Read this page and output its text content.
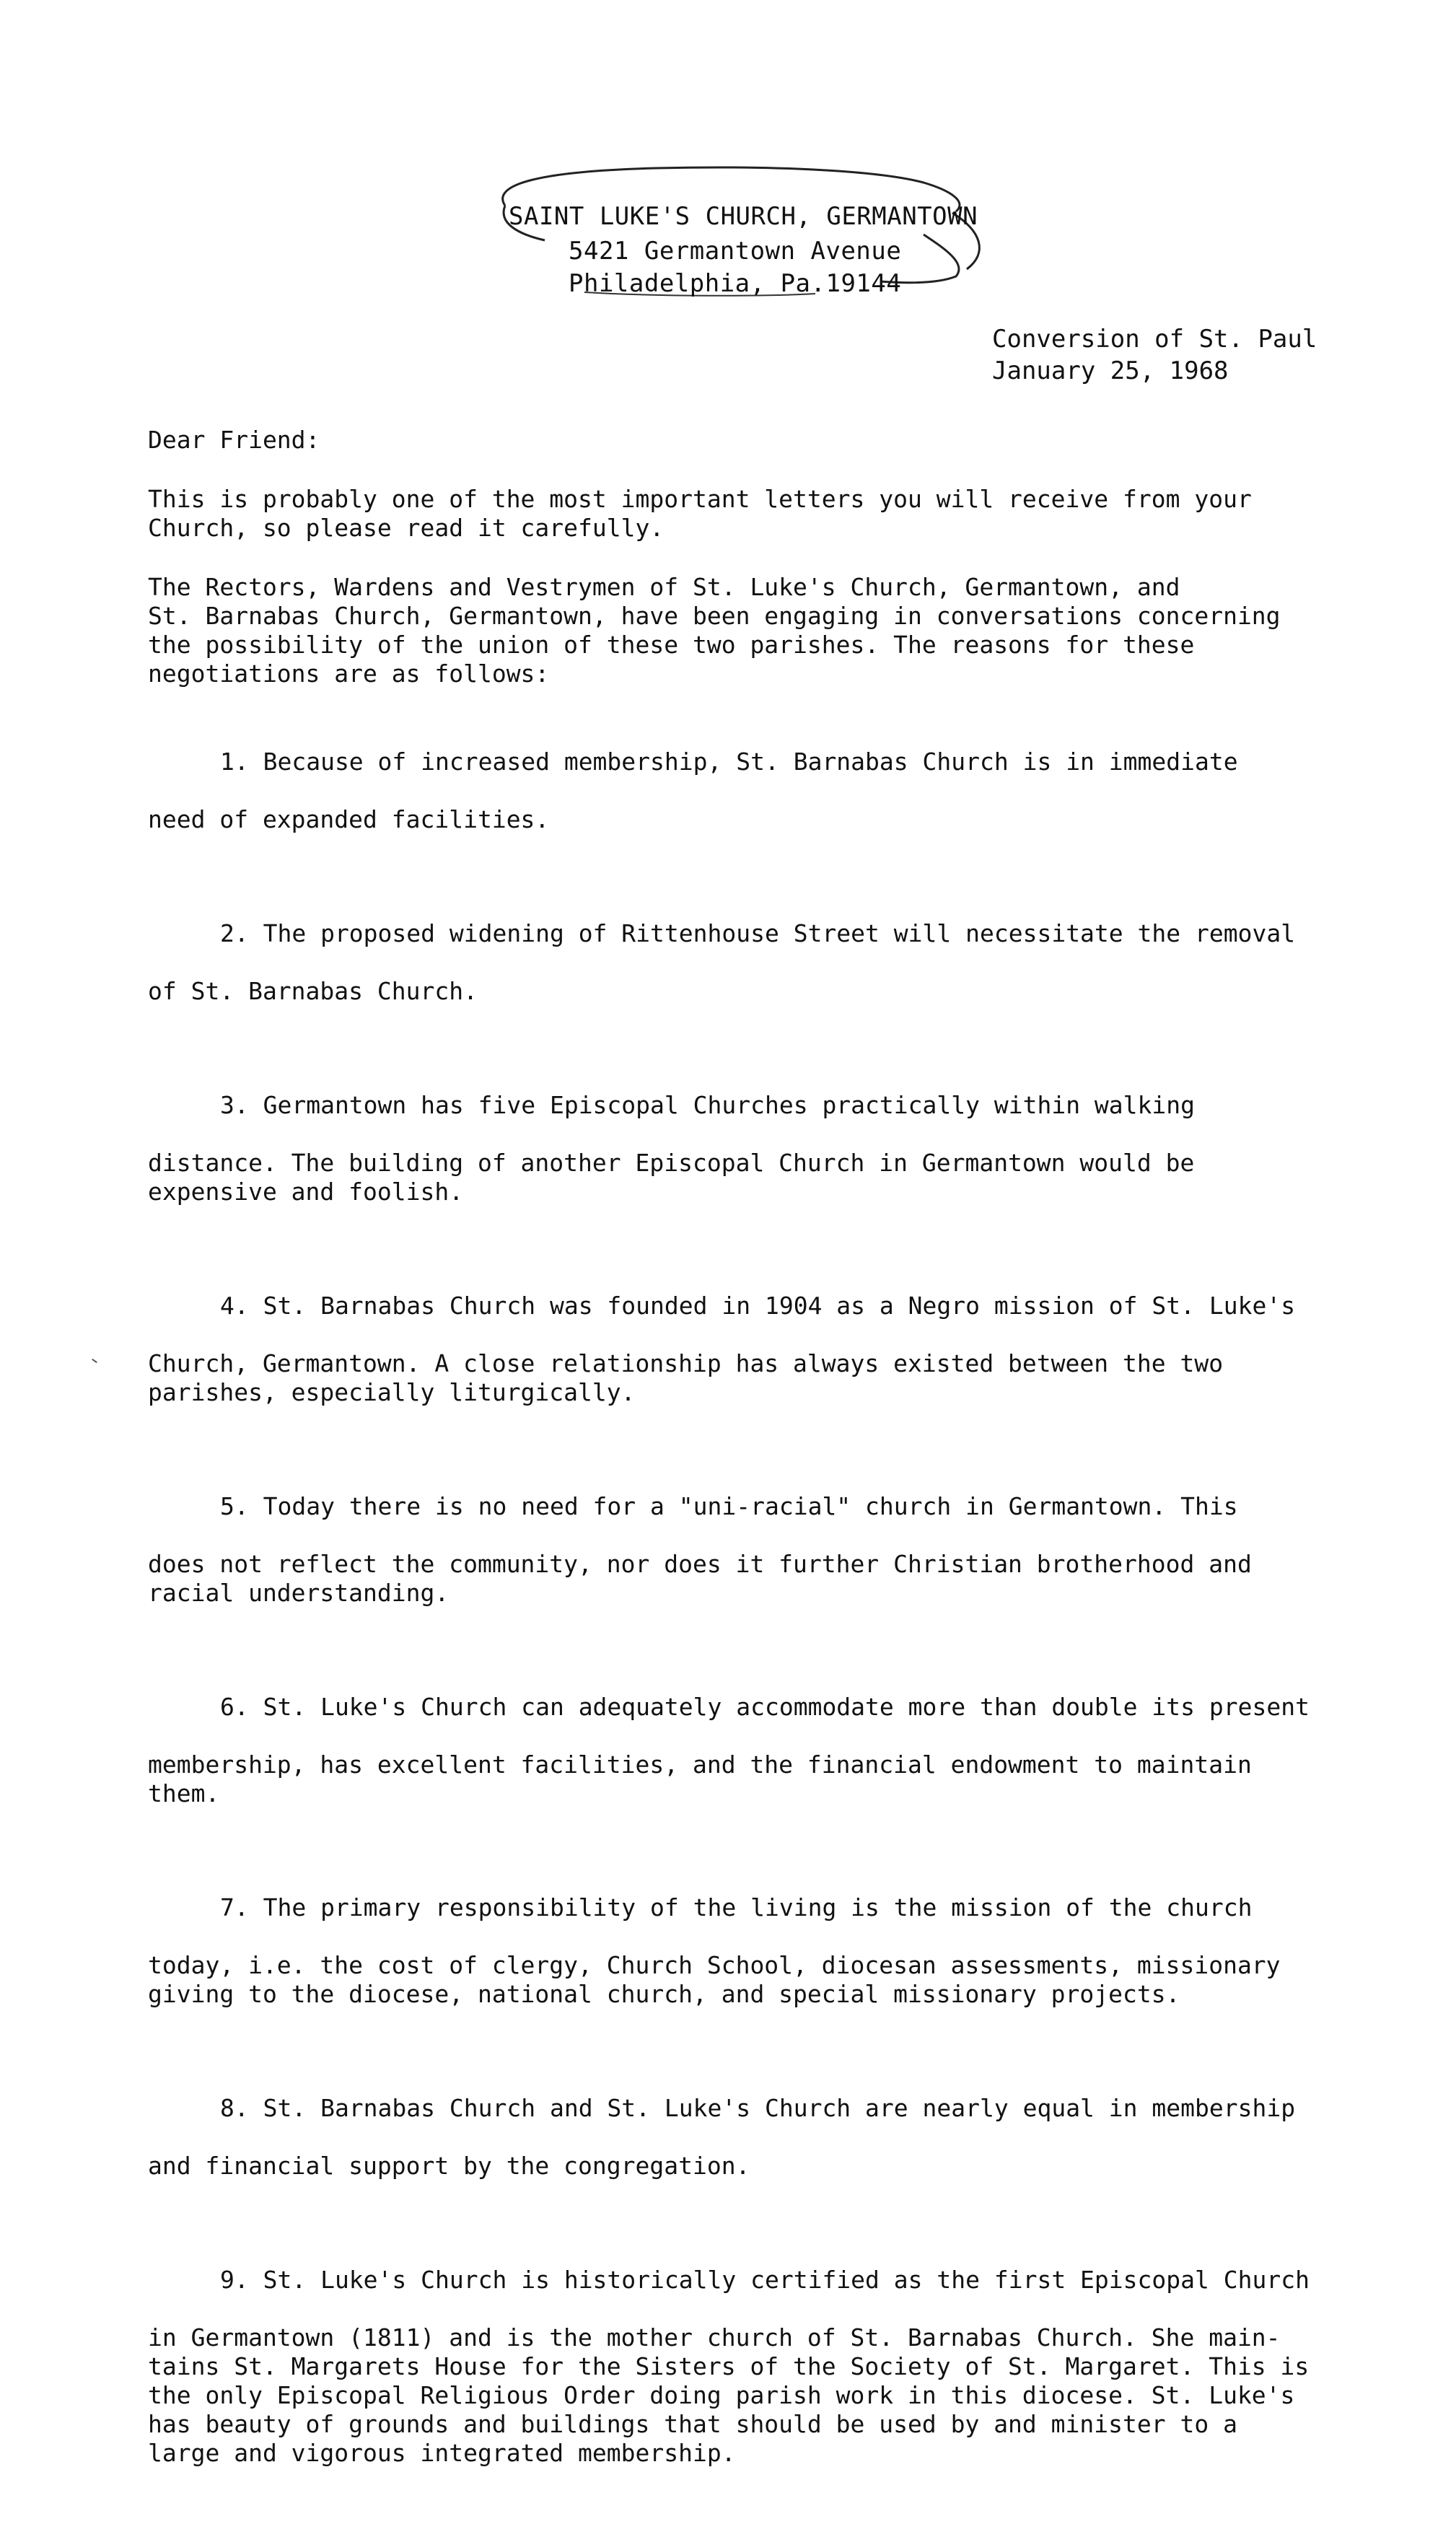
SAINT LUKE'S CHURCH, GERMANTOWN
5421 Germantown Avenue
Philadelphia, Pa.19144
Conversion of St. Paul
January 25, 1968
Dear Friend:
This is probably one of the most important letters you will receive from your
Church, so please read it carefully.
The Rectors, Wardens and Vestrymen of St. Luke's Church, Germantown, and
St. Barnabas Church, Germantown, have been engaging in conversations concerning
the possibility of the union of these two parishes. The reasons for these
negotiations are as follows:

1. Because of increased membership, St. Barnabas Church is in immediate

need of expanded facilities.

2. The proposed widening of Rittenhouse Street will necessitate the removal

of St. Barnabas Church.

3. Germantown has five Episcopal Churches practically within walking

distance. The building of another Episcopal Church in Germantown would be
expensive and foolish.

4. St. Barnabas Church was founded in 1904 as a Negro mission of St. Luke's

Church, Germantown. A close relationship has always existed between the two
parishes, especially liturgically.

5. Today there is no need for a "uni-racial" church in Germantown. This

does not reflect the community, nor does it further Christian brotherhood and
racial understanding.

6. St. Luke's Church can adequately accommodate more than double its present

membership, has excellent facilities, and the financial endowment to maintain
them.

7. The primary responsibility of the living is the mission of the church

today, i.e. the cost of clergy, Church School, diocesan assessments, missionary
giving to the diocese, national church, and special missionary projects.

8. St. Barnabas Church and St. Luke's Church are nearly equal in membership

and financial support by the congregation.

9. St. Luke's Church is historically certified as the first Episcopal Church

in Germantown (1811) and is the mother church of St. Barnabas Church. She main-
tains St. Margarets House for the Sisters of the Society of St. Margaret. This is
the only Episcopal Religious Order doing parish work in this diocese. St. Luke's
has beauty of grounds and buildings that should be used by and minister to a
large and vigorous integrated membership.
